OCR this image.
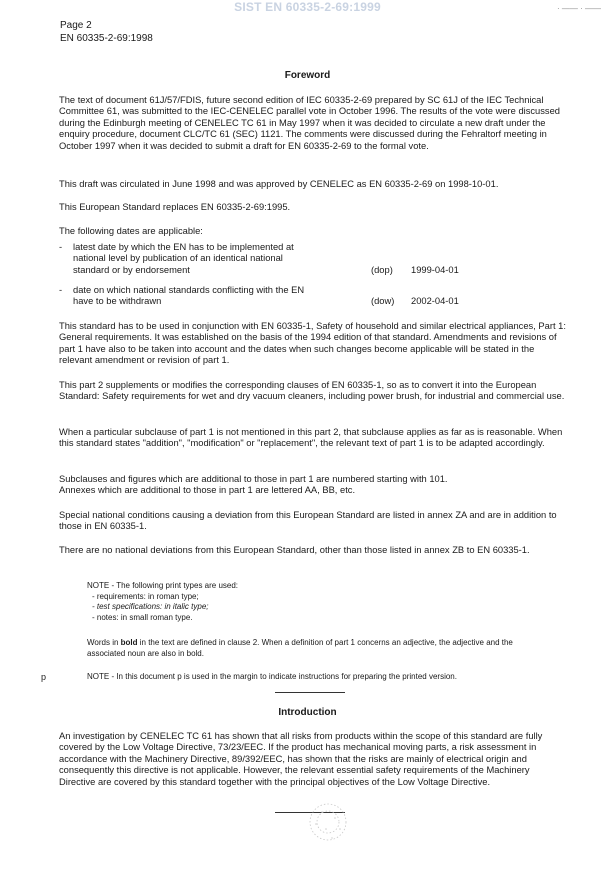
SIST EN 60335-2-69:1999	· —— · ——
Page 2
EN 60335-2-69:1998
Foreword
The text of document 61J/57/FDIS, future second edition of IEC 60335-2-69 prepared by SC 61J of the IEC Technical Committee 61, was submitted to the IEC-CENELEC parallel vote in October 1996. The results of the vote were discussed during the Edinburgh meeting of CENELEC TC 61 in May 1997 when it was decided to circulate a new draft under the enquiry procedure, document CLC/TC 61 (SEC) 1121. The comments were discussed during the Fehraltorf meeting in October 1997 when it was decided to submit a draft for EN 60335-2-69 to the formal vote.
This draft was circulated in June 1998 and was approved by CENELEC as EN 60335-2-69 on 1998-10-01.
This European Standard replaces EN 60335-2-69:1995.
The following dates are applicable:
- latest date by which the EN has to be implemented at national level by publication of an identical national standard or by endorsement	(dop) 1999-04-01
- date on which national standards conflicting with the EN have to be withdrawn	(dow) 2002-04-01
This standard has to be used in conjunction with EN 60335-1, Safety of household and similar electrical appliances, Part 1: General requirements. It was established on the basis of the 1994 edition of that standard. Amendments and revisions of part 1 have also to be taken into account and the dates when such changes become applicable will be stated in the relevant amendment or revision of part 1.
This part 2 supplements or modifies the corresponding clauses of EN 60335-1, so as to convert it into the European Standard: Safety requirements for wet and dry vacuum cleaners, including power brush, for industrial and commercial use.
When a particular subclause of part 1 is not mentioned in this part 2, that subclause applies as far as is reasonable. When this standard states "addition", "modification" or "replacement", the relevant text of part 1 is to be adapted accordingly.
Subclauses and figures which are additional to those in part 1 are numbered starting with 101.
Annexes which are additional to those in part 1 are lettered AA, BB, etc.
Special national conditions causing a deviation from this European Standard are listed in annex ZA and are in addition to those in EN 60335-1.
There are no national deviations from this European Standard, other than those listed in annex ZB to EN 60335-1.
NOTE - The following print types are used:
- requirements: in roman type;
- test specifications: in italic type;
- notes: in small roman type.
Words in bold in the text are defined in clause 2. When a definition of part 1 concerns an adjective, the adjective and the associated noun are also in bold.
p	NOTE - In this document p is used in the margin to indicate instructions for preparing the printed version.
Introduction
An investigation by CENELEC TC 61 has shown that all risks from products within the scope of this standard are fully covered by the Low Voltage Directive, 73/23/EEC. If the product has mechanical moving parts, a risk assessment in accordance with the Machinery Directive, 89/392/EEC, has shown that the risks are mainly of electrical origin and consequently this directive is not applicable. However, the relevant essential safety requirements of the Machinery Directive are covered by this standard together with the principal objectives of the Low Voltage Directive.
